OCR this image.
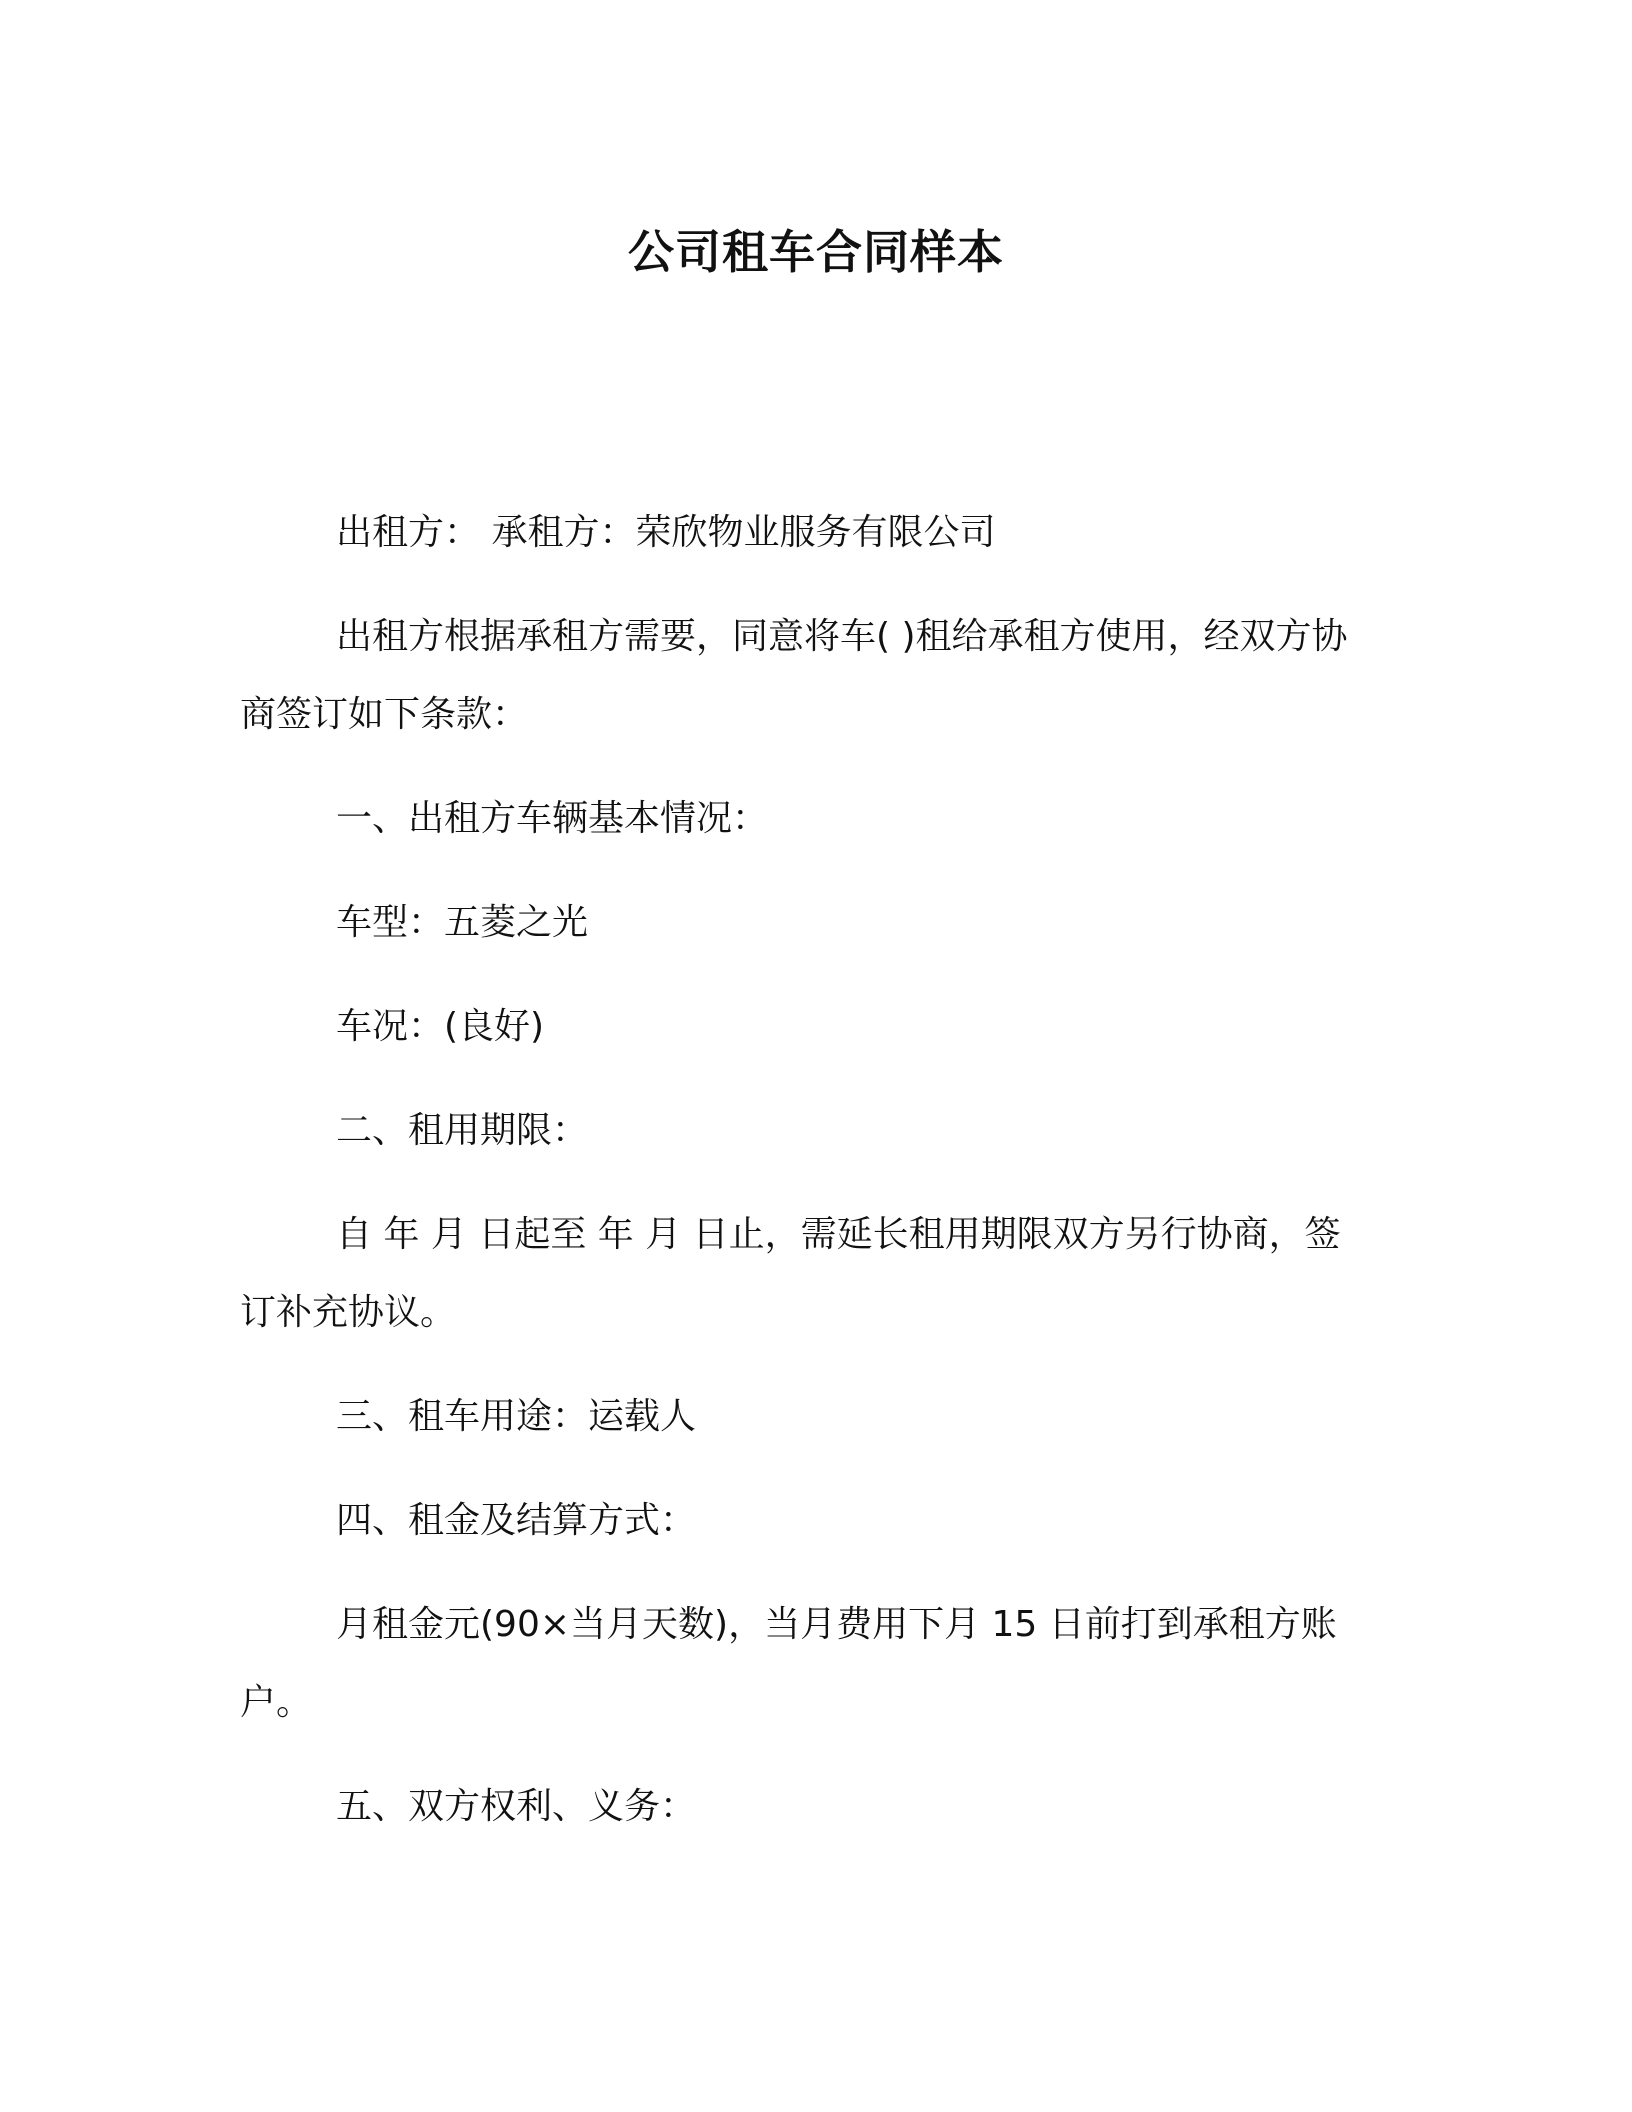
公司租车合同样本
出租方： 承租方：荣欣物业服务有限公司
出租方根据承租方需要，同意将车( )租给承租方使用，经双方协商签订如下条款：
一、出租方车辆基本情况：
车型：五菱之光
车况：(良好)
二、租用期限：
自 年 月 日起至 年 月 日止，需延长租用期限双方另行协商，签订补充协议。
三、租车用途：运载人
四、租金及结算方式：
月租金元(90×当月天数)，当月费用下月 15 日前打到承租方账户。
五、双方权利、义务：
